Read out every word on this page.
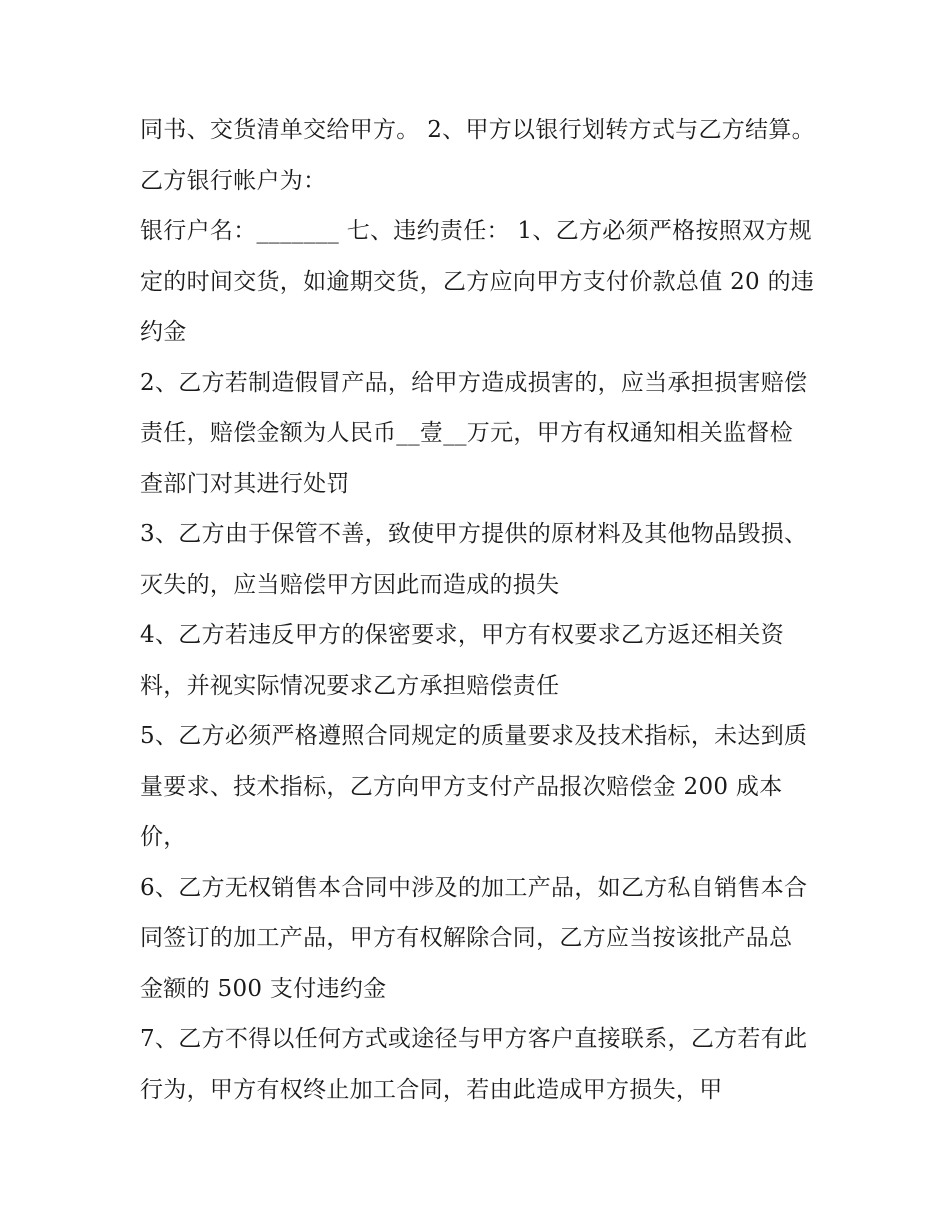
同书、交货清单交给甲方。 2、甲方以银行划转方式与乙方结算。乙方银行帐户为：

银行户名：_______ 七、违约责任： 1、乙方必须严格按照双方规定的时间交货，如逾期交货，乙方应向甲方支付价款总值 20 的违约金

2、乙方若制造假冒产品，给甲方造成损害的，应当承担损害赔偿责任，赔偿金额为人民币__壹__万元，甲方有权通知相关监督检查部门对其进行处罚

3、乙方由于保管不善，致使甲方提供的原材料及其他物品毁损、灭失的，应当赔偿甲方因此而造成的损失

4、乙方若违反甲方的保密要求，甲方有权要求乙方返还相关资料，并视实际情况要求乙方承担赔偿责任

5、乙方必须严格遵照合同规定的质量要求及技术指标，未达到质量要求、技术指标，乙方向甲方支付产品报次赔偿金 200 成本价，

6、乙方无权销售本合同中涉及的加工产品，如乙方私自销售本合同签订的加工产品，甲方有权解除合同，乙方应当按该批产品总金额的 500 支付违约金

7、乙方不得以任何方式或途径与甲方客户直接联系，乙方若有此行为，甲方有权终止加工合同，若由此造成甲方损失，甲
